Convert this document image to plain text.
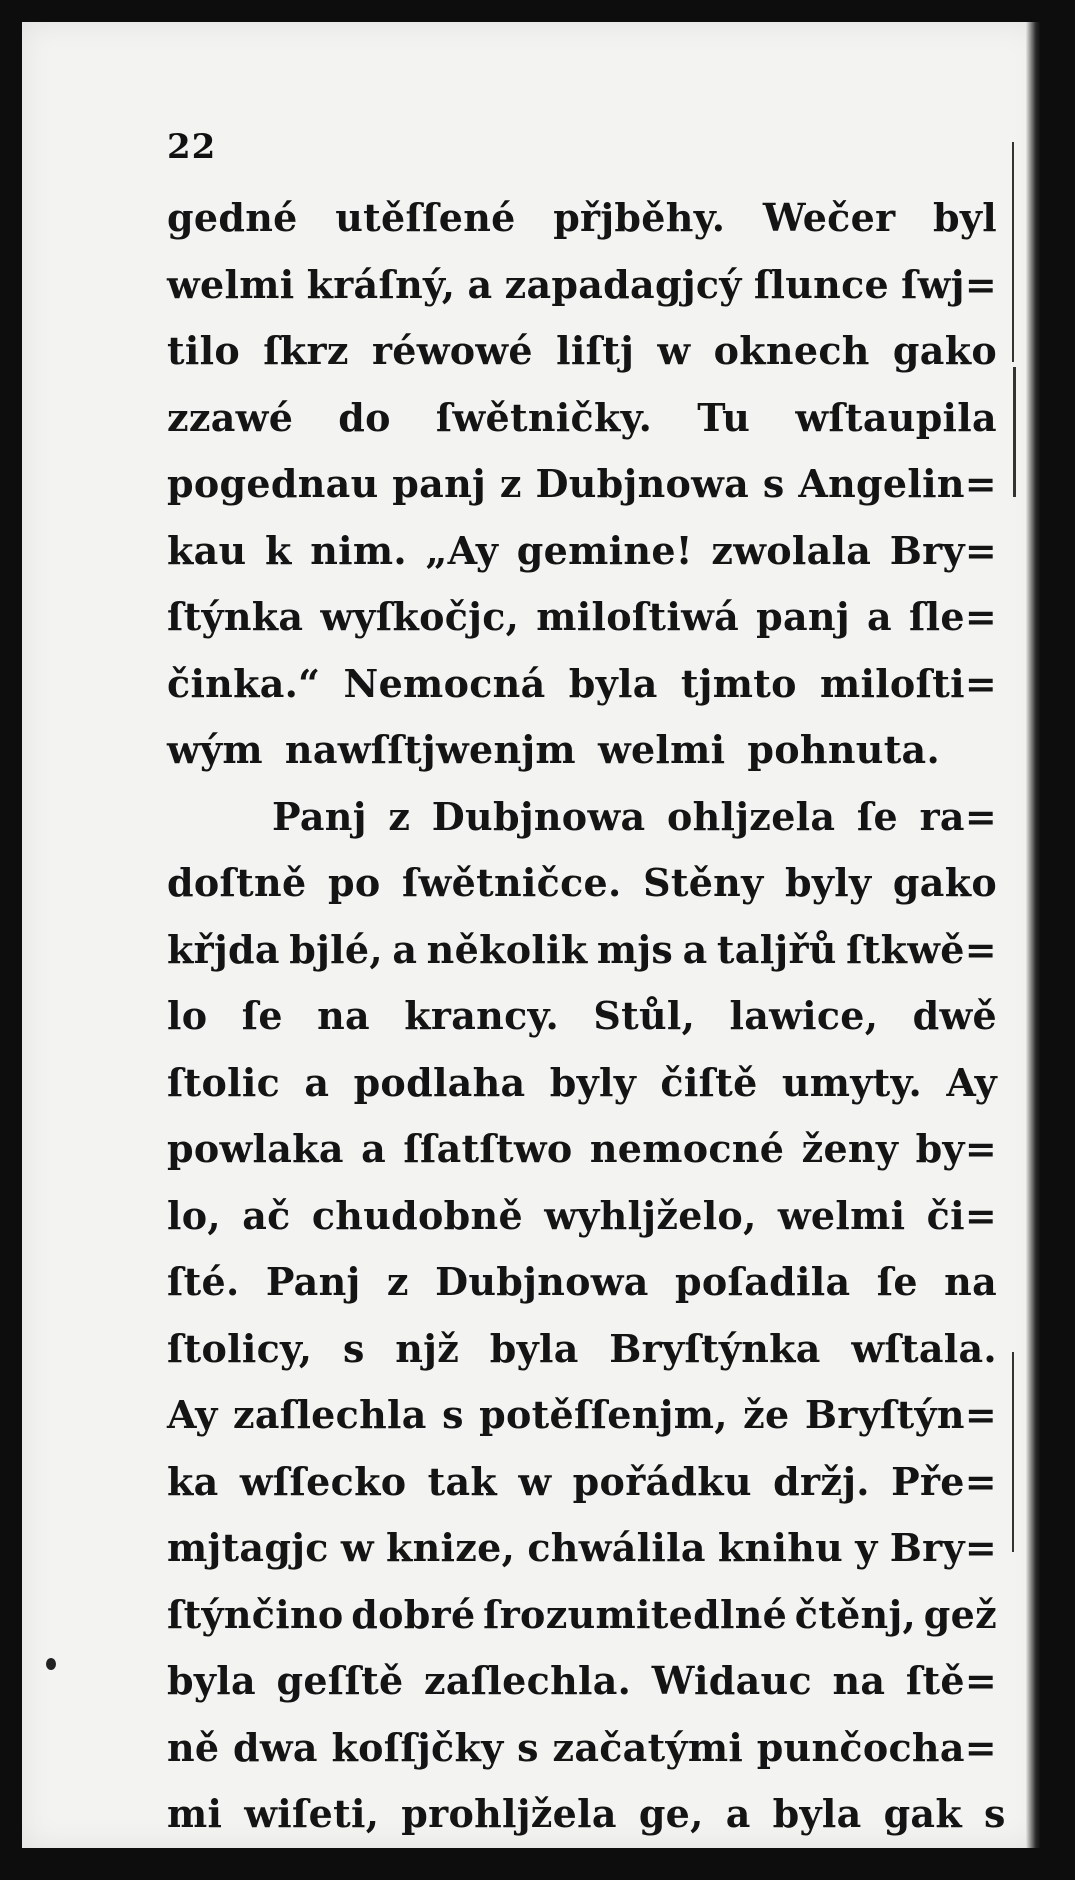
22
gedné utěſſené přjběhy. Wečer byl
welmi kráſný, a zapadagjcý ſlunce ſwj=
tilo ſkrz réwowé liſtj w oknech gako
zzawé do ſwětničky. Tu wſtaupila
pogednau panj z Dubjnowa s Angelin=
kau k nim. „Ay gemine! zwolala Bry=
ſtýnka wyſkočjc, miloſtiwá panj a ſle=
činka.“ Nemocná byla tjmto miloſti=
wým nawſſtjwenjm welmi pohnuta.
Panj z Dubjnowa ohljzela ſe ra=
doſtně po ſwětničce. Stěny byly gako
křjda bjlé, a několik mjs a taljřů ſtkwě=
lo ſe na krancy. Stůl, lawice, dwě
ſtolic a podlaha byly čiſtě umyty. Ay
powlaka a ſſatſtwo nemocné ženy by=
lo, ač chudobně wyhljželo, welmi či=
ſté. Panj z Dubjnowa poſadila ſe na
ſtolicy, s njž byla Bryſtýnka wſtala.
Ay zaſlechla s potěſſenjm, že Bryſtýn=
ka wſſecko tak w pořádku držj. Pře=
mjtagjc w knize, chwálila knihu y Bry=
ſtýnčino dobré ſrozumitedlné čtěnj, gež
byla geſſtě zaſlechla. Widauc na ſtě=
ně dwa koſſjčky s začatými punčocha=
mi wiſeti, prohljžela ge, a byla gak s
